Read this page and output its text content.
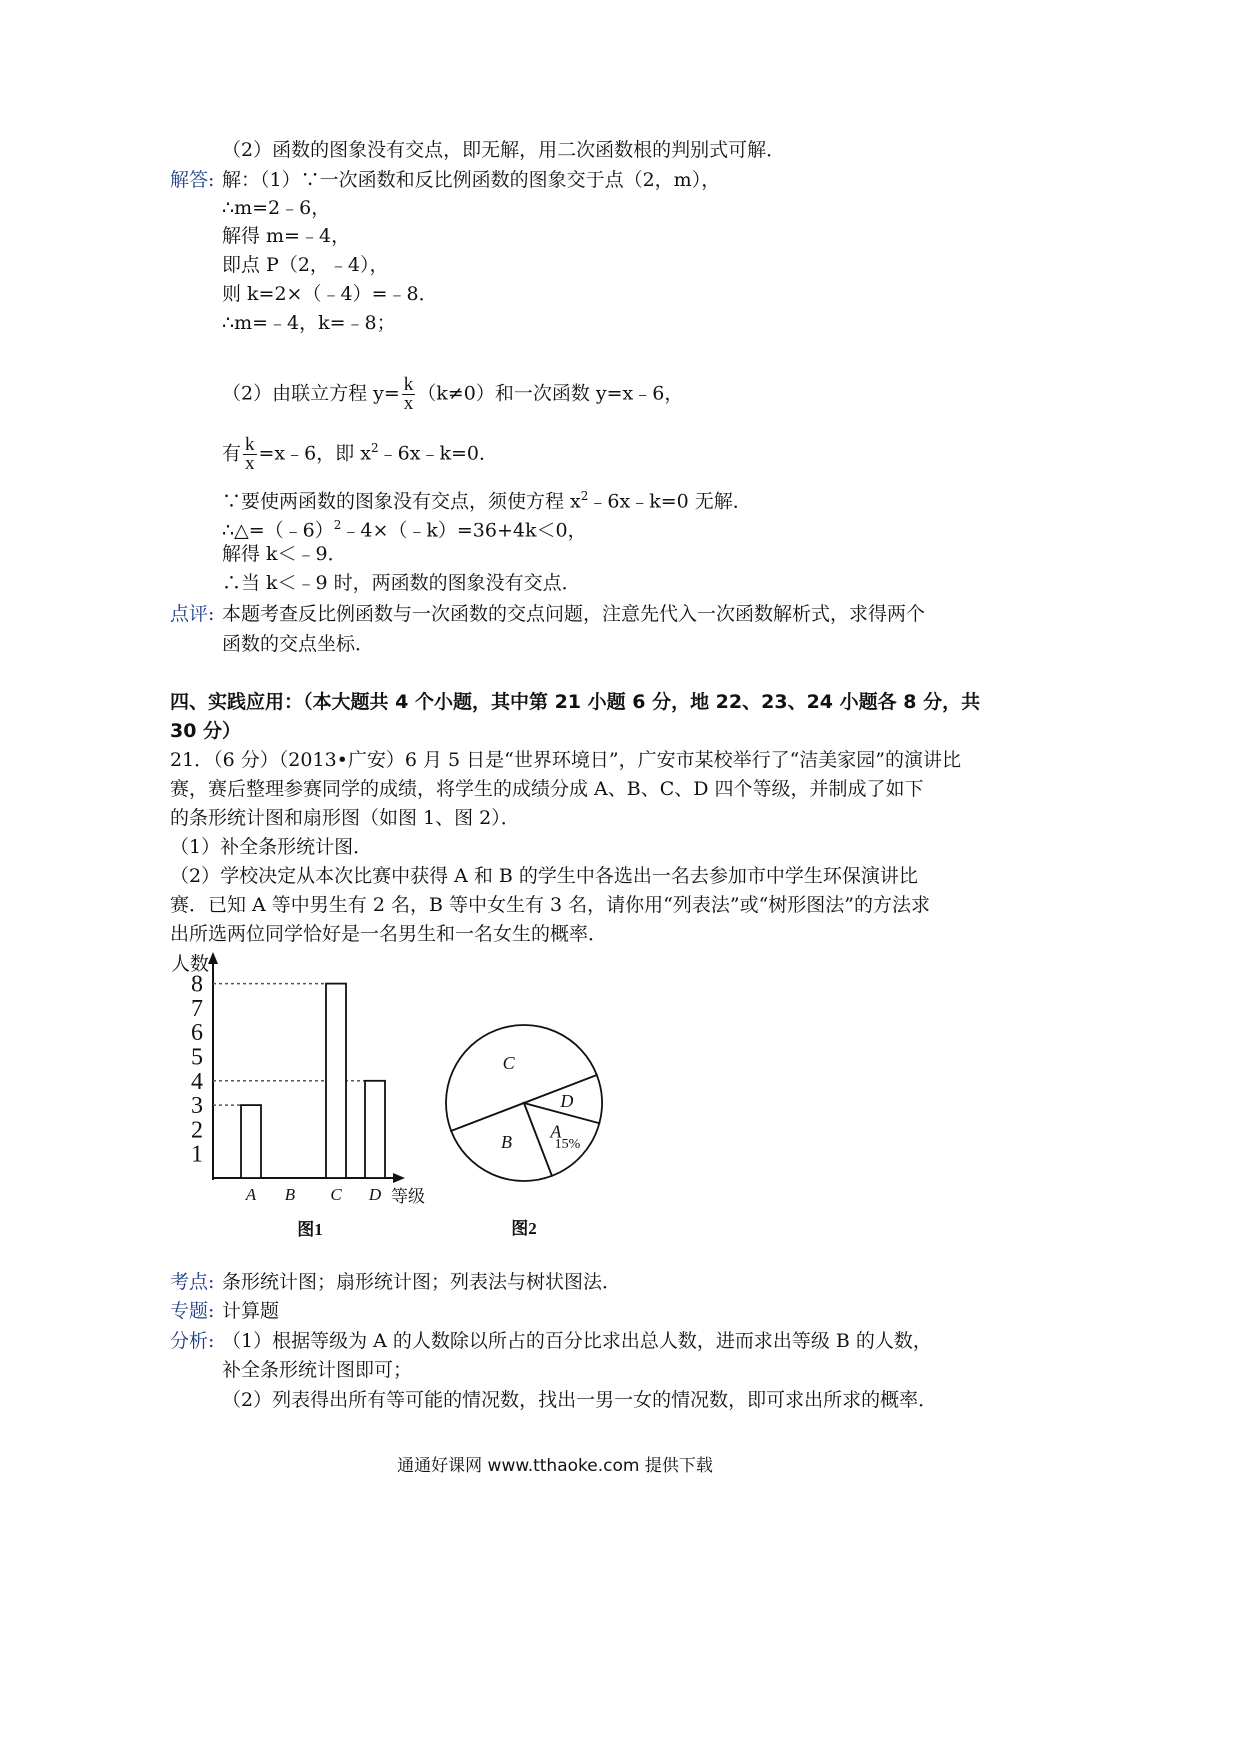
（2）函数的图象没有交点，即无解，用二次函数根的判别式可解．
解答: 解：（1）∵一次函数和反比例函数的图象交于点（2，m），
∴m=2﹣6，
解得 m=﹣4，
即点 P（2，﹣4），
则 k=2×（﹣4）=﹣8．
∴m=﹣4，k=﹣8；
（2）由联立方程 $y= \frac{k}{x} (k\ne 0)$和一次函数 y=x﹣6，
有 $\frac{k}{x}$ =x﹣6，即 $x^2﹣6x﹣k=0$．
∵要使两函数的图象没有交点，须使方程 $x^2﹣6x﹣k=0$ 无解．
∴△=（﹣6）$^2$﹣4×（﹣k）=36+4k＜0，
解得 k＜﹣9．
∴当 k＜﹣9 时，两函数的图象没有交点．
点评: 本题考查反比例函数与一次函数的交点问题，注意先代入一次函数解析式，求得两个
函数的交点坐标．
四、实践应用：（本大题共 4 个小题，其中第 21 小题 6 分，地 22、23、24 小题各 8 分，共
30 分）
21．（6 分）（2013•广安）6 月 5 日是“世界环境日”，广安市某校举行了“洁美家园”的演讲比
赛，赛后整理参赛同学的成绩，将学生的成绩分成 A、B、C、D 四个等级，并制成了如下
的条形统计图和扇形图（如图 1、图 2）．
（1）补全条形统计图．
（2）学校决定从本次比赛中获得 A 和 B 的学生中各选出一名去参加市中学生环保演讲比
赛．已知 A 等中男生有 2 名，B 等中女生有 3 名，请你用“列表法”或“树形图法”的方法求
出所选两位同学恰好是一名男生和一名女生的概率．
1
2
3
4
5
6
7
8
人数
等级
A B C D
图1
C
B
A
D
15%
图2
考点: 条形统计图；扇形统计图；列表法与树状图法．
专题: 计算题
分析: （1）根据等级为 A 的人数除以所占的百分比求出总人数，进而求出等级 B 的人数，
补全条形统计图即可；
（2）列表得出所有等可能的情况数，找出一男一女的情况数，即可求出所求的概率．
通通好课网 www.tthaoke.com 提供下载
